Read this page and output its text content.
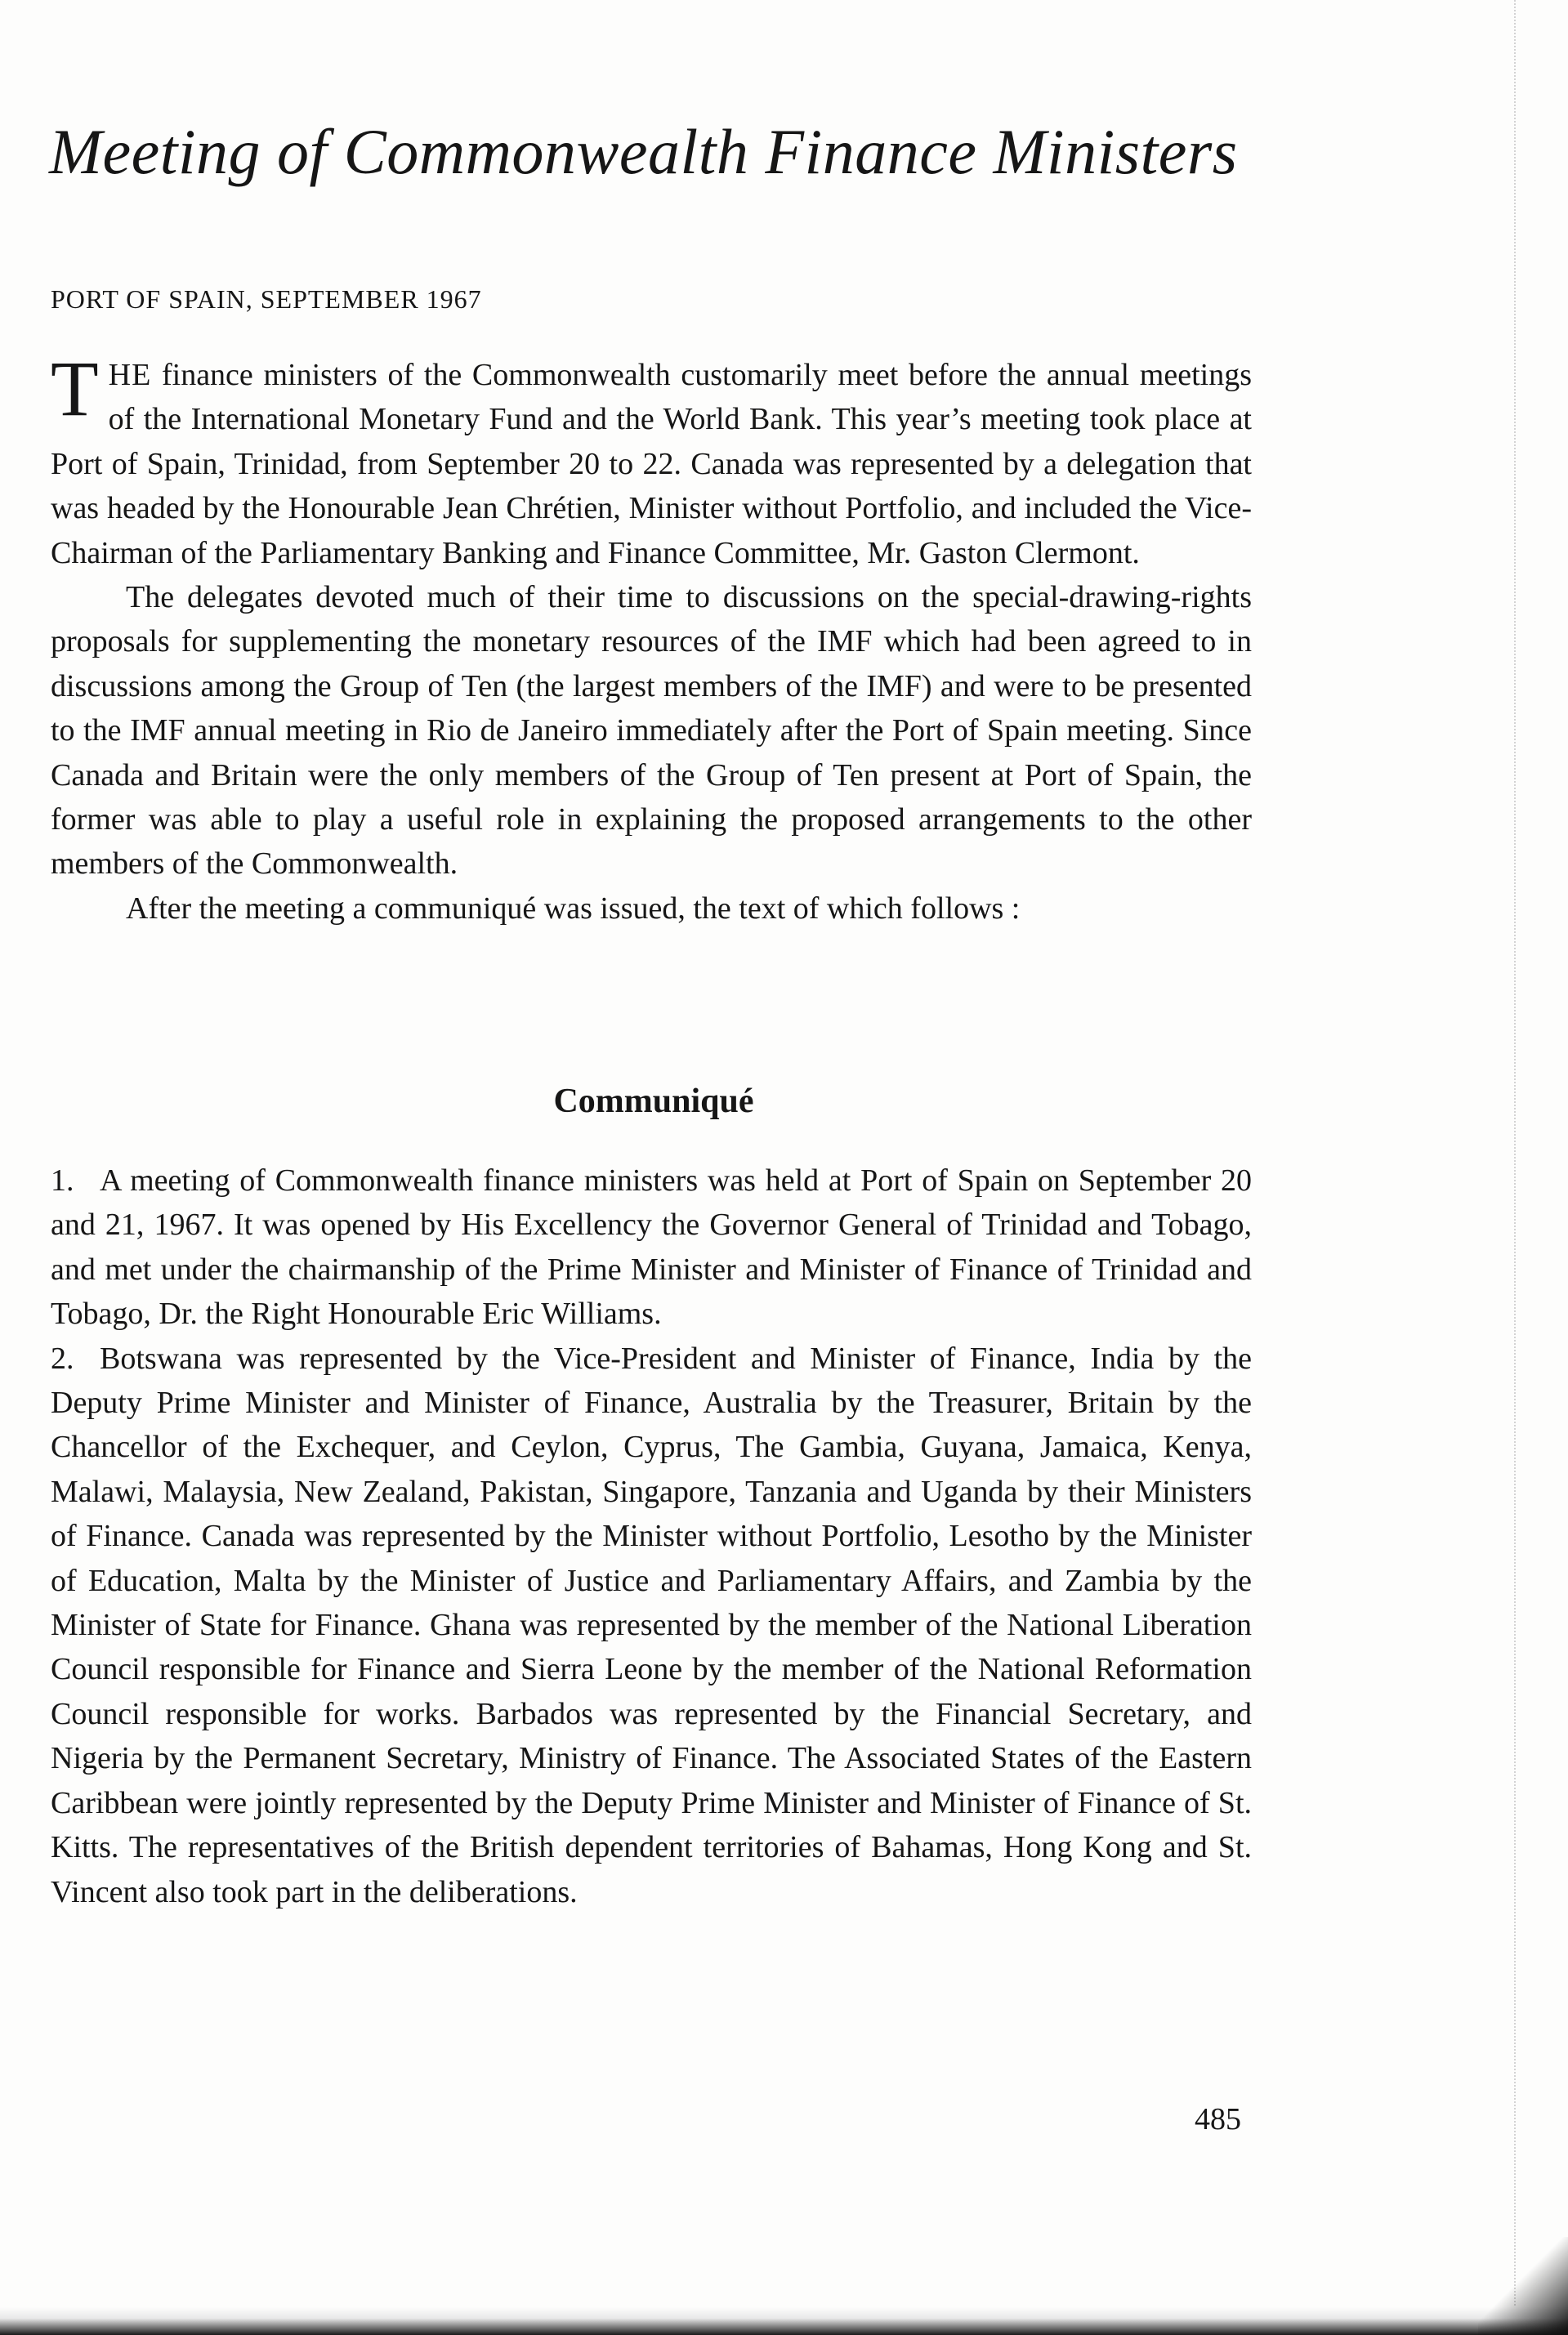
Meeting of Commonwealth Finance Ministers
PORT OF SPAIN, SEPTEMBER 1967

THE finance ministers of the Commonwealth customarily meet before the annual meetings of the International Monetary Fund and the World Bank. This year’s meeting took place at Port of Spain, Trinidad, from September 20 to 22. Canada was represented by a delegation that was headed by the Honourable Jean Chrétien, Minister without Portfolio, and included the Vice-Chairman of the Parliamentary Banking and Finance Committee, Mr. Gaston Clermont.

The delegates devoted much of their time to discussions on the special-drawing-rights proposals for supplementing the monetary resources of the IMF which had been agreed to in discussions among the Group of Ten (the largest members of the IMF) and were to be presented to the IMF annual meeting in Rio de Janeiro immediately after the Port of Spain meeting. Since Canada and Britain were the only members of the Group of Ten present at Port of Spain, the former was able to play a useful role in explaining the proposed arrangements to the other members of the Commonwealth.

After the meeting a communiqué was issued, the text of which follows :

Communiqué

1. A meeting of Commonwealth finance ministers was held at Port of Spain on September 20 and 21, 1967. It was opened by His Excellency the Governor General of Trinidad and Tobago, and met under the chairmanship of the Prime Minister and Minister of Finance of Trinidad and Tobago, Dr. the Right Honourable Eric Williams.

2. Botswana was represented by the Vice-President and Minister of Finance, India by the Deputy Prime Minister and Minister of Finance, Australia by the Treasurer, Britain by the Chancellor of the Exchequer, and Ceylon, Cyprus, The Gambia, Guyana, Jamaica, Kenya, Malawi, Malaysia, New Zealand, Pakistan, Singapore, Tanzania and Uganda by their Ministers of Finance. Canada was represented by the Minister without Portfolio, Lesotho by the Minister of Education, Malta by the Minister of Justice and Parliamentary Affairs, and Zambia by the Minister of State for Finance. Ghana was represented by the member of the National Liberation Council responsible for Finance and Sierra Leone by the member of the National Reformation Council responsible for works. Barbados was represented by the Financial Secretary, and Nigeria by the Permanent Secretary, Ministry of Finance. The Associated States of the Eastern Caribbean were jointly represented by the Deputy Prime Minister and Minister of Finance of St. Kitts. The representatives of the British dependent territories of Bahamas, Hong Kong and St. Vincent also took part in the deliberations.

485
